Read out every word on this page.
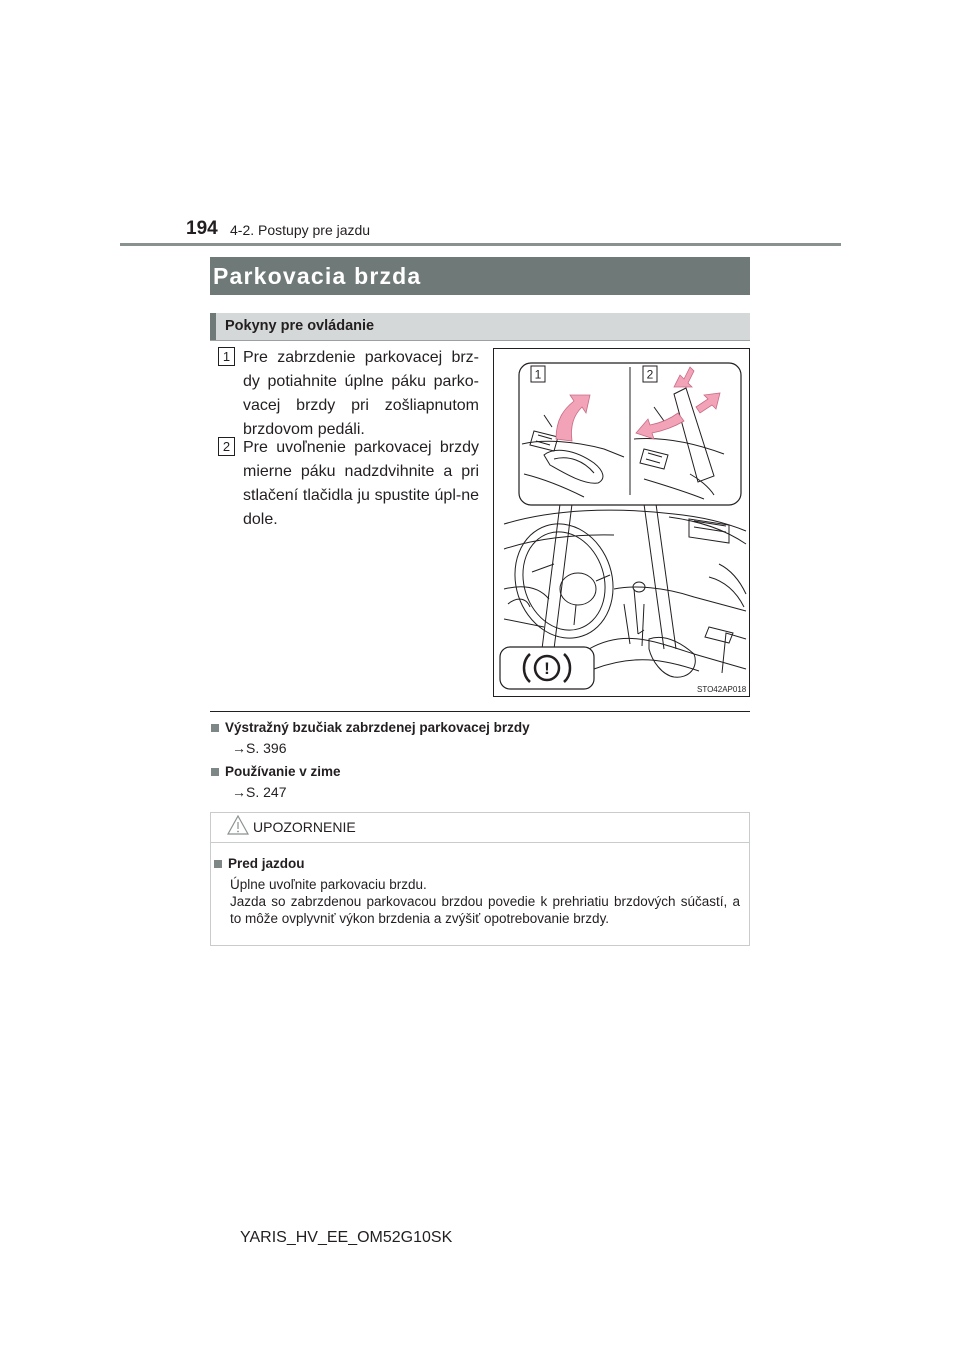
194 4-2. Postupy pre jazdu
Parkovacia brzda
Pokyny pre ovládanie
1 Pre zabrzdenie parkovacej brz-dy potiahnite úplne páku parko-vacej brzdy pri zošliapnutom brzdovom pedáli.
2 Pre uvoľnenie parkovacej brzdy mierne páku nadzdvihnite a pri stlačení tlačidla ju spustite úpl-ne dole.
1	2
!
STO42AP018
Výstražný bzučiak zabrzdenej parkovacej brzdy
→S. 396
Používanie v zime
→S. 247
UPOZORNENIE
Pred jazdou
Úplne uvoľnite parkovaciu brzdu.
Jazda so zabrzdenou parkovacou brzdou povedie k prehriatiu brzdových súčastí, a to môže ovplyvniť výkon brzdenia a zvýšiť opotrebovanie brzdy.
YARIS_HV_EE_OM52G10SK
